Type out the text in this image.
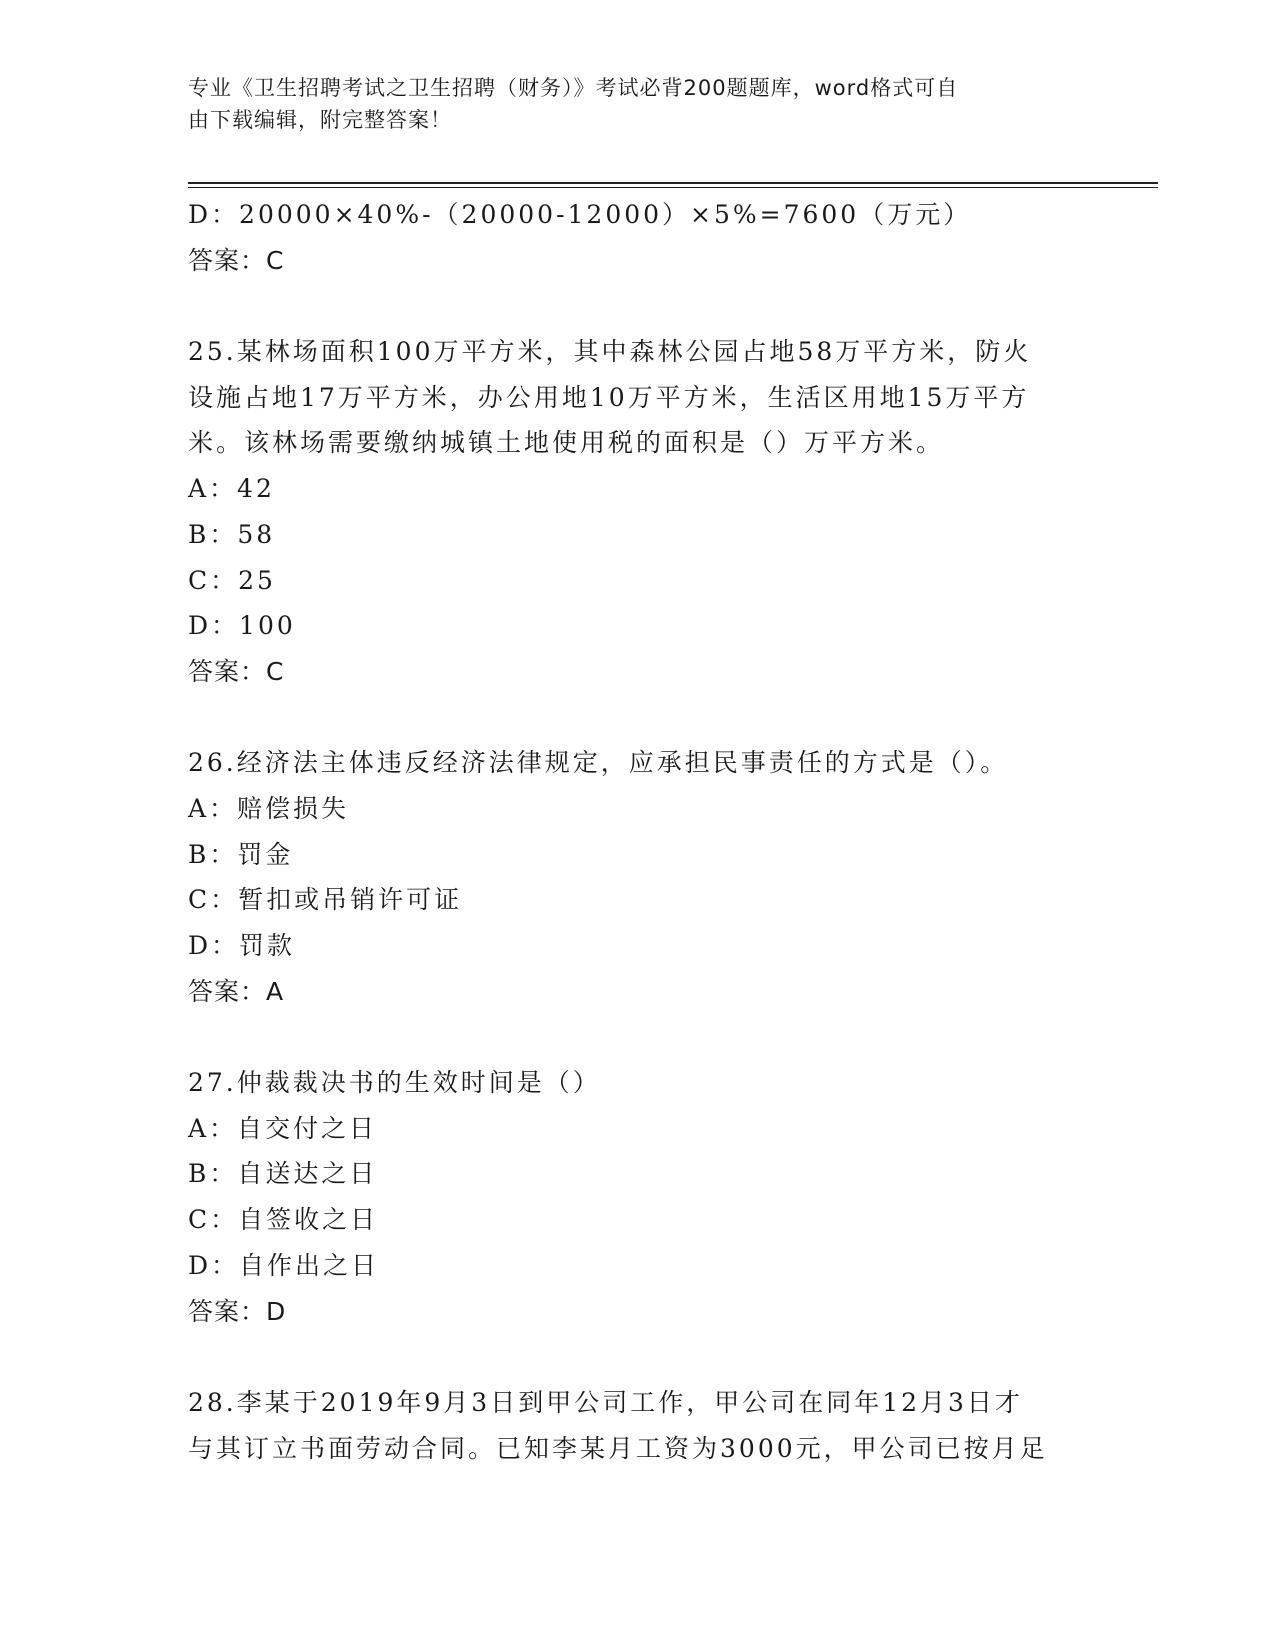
专业《卫生招聘考试之卫生招聘（财务）》考试必背200题题库，word格式可自
由下载编辑，附完整答案！
D：20000×40%-（20000-12000）×5%=7600（万元）
答案：C
25.某林场面积100万平方米，其中森林公园占地58万平方米，防火
设施占地17万平方米，办公用地10万平方米，生活区用地15万平方
米。该林场需要缴纳城镇土地使用税的面积是（）万平方米。
A：42
B：58
C：25
D：100
答案：C
26.经济法主体违反经济法律规定，应承担民事责任的方式是（）。
A：赔偿损失
B：罚金
C：暂扣或吊销许可证
D：罚款
答案：A
27.仲裁裁决书的生效时间是（）
A：自交付之日
B：自送达之日
C：自签收之日
D：自作出之日
答案：D
28.李某于2019年9月3日到甲公司工作，甲公司在同年12月3日才
与其订立书面劳动合同。已知李某月工资为3000元，甲公司已按月足
